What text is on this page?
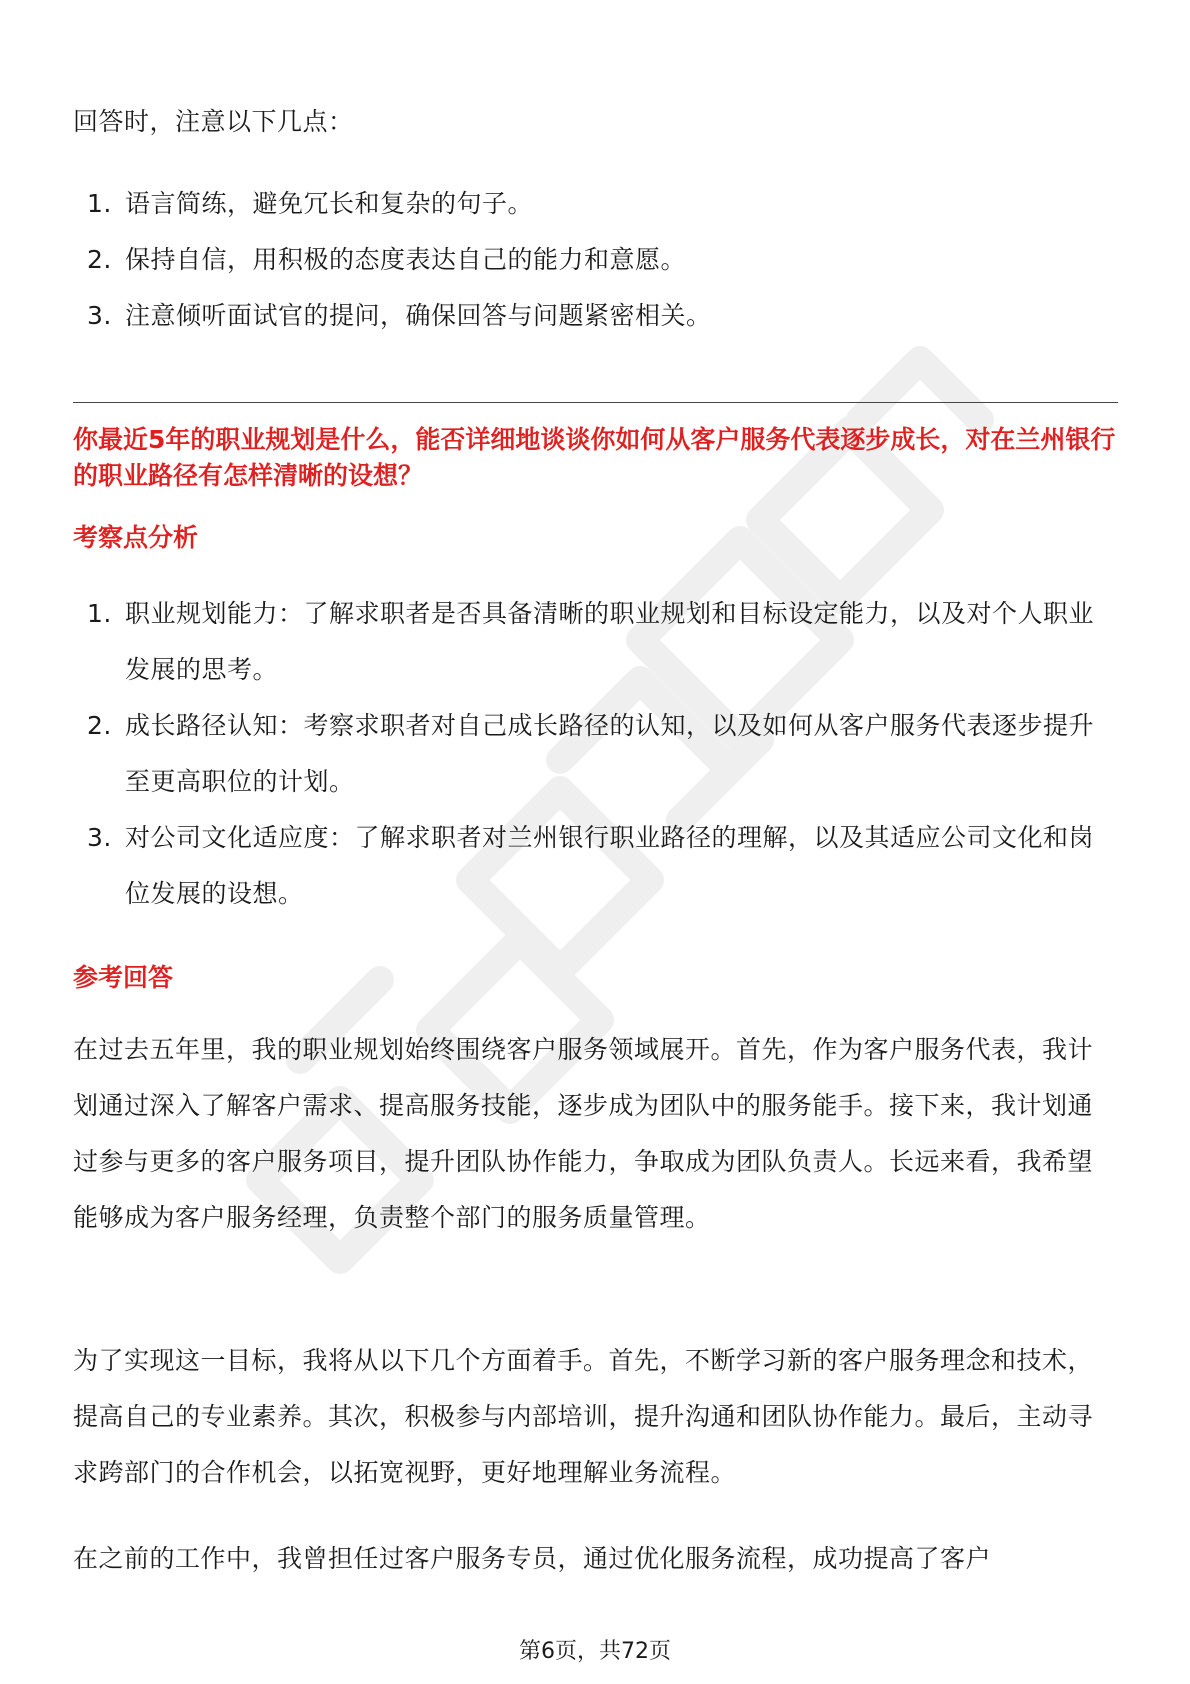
回答时，注意以下几点：

1. 语言简练，避免冗长和复杂的句子。
2. 保持自信，用积极的态度表达自己的能力和意愿。
3. 注意倾听面试官的提问，确保回答与问题紧密相关。

你最近5年的职业规划是什么，能否详细地谈谈你如何从客户服务代表逐步成长，对在兰州银行的职业路径有怎样清晰的设想？

考察点分析

1. 职业规划能力：了解求职者是否具备清晰的职业规划和目标设定能力，以及对个人职业发展的思考。
2. 成长路径认知：考察求职者对自己成长路径的认知，以及如何从客户服务代表逐步提升至更高职位的计划。
3. 对公司文化适应度：了解求职者对兰州银行职业路径的理解，以及其适应公司文化和岗位发展的设想。

参考回答

在过去五年里，我的职业规划始终围绕客户服务领域展开。首先，作为客户服务代表，我计划通过深入了解客户需求、提高服务技能，逐步成为团队中的服务能手。接下来，我计划通过参与更多的客户服务项目，提升团队协作能力，争取成为团队负责人。长远来看，我希望能够成为客户服务经理，负责整个部门的服务质量管理。

为了实现这一目标，我将从以下几个方面着手。首先，不断学习新的客户服务理念和技术，提高自己的专业素养。其次，积极参与内部培训，提升沟通和团队协作能力。最后，主动寻求跨部门的合作机会，以拓宽视野，更好地理解业务流程。

在之前的工作中，我曾担任过客户服务专员，通过优化服务流程，成功提高了客户

第6页，共72页
